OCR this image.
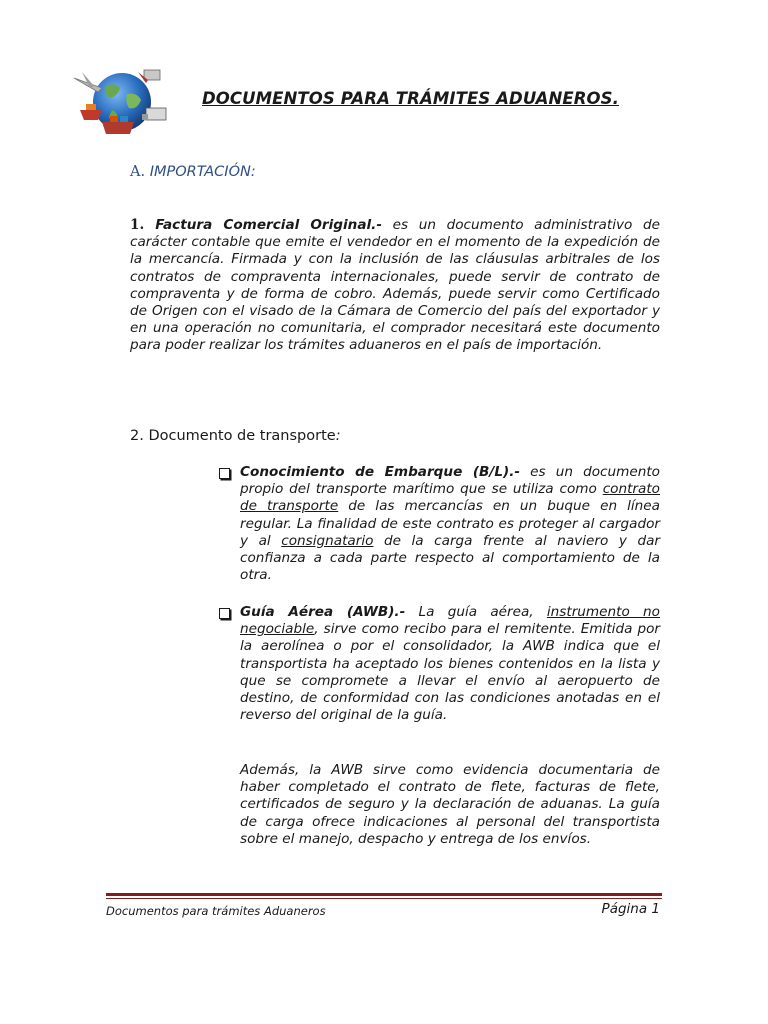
DOCUMENTOS PARA TRÁMITES ADUANEROS.

A. IMPORTACIÓN:

1. Factura Comercial Original.- es un documento administrativo de carácter contable que emite el vendedor en el momento de la expedición de la mercancía. Firmada y con la inclusión de las cláusulas arbitrales de los contratos de compraventa internacionales, puede servir de contrato de compraventa y de forma de cobro. Además, puede servir como Certificado de Origen con el visado de la Cámara de Comercio del país del exportador y en una operación no comunitaria, el comprador necesitará este documento para poder realizar los trámites aduaneros en el país de importación.

2. Documento de transporte:

Conocimiento de Embarque (B/L).- es un documento propio del transporte marítimo que se utiliza como contrato de transporte de las mercancías en un buque en línea regular. La finalidad de este contrato es proteger al cargador y al consignatario de la carga frente al naviero y dar confianza a cada parte respecto al comportamiento de la otra.

Guía Aérea (AWB).- La guía aérea, instrumento no negociable, sirve como recibo para el remitente. Emitida por la aerolínea o por el consolidador, la AWB indica que el transportista ha aceptado los bienes contenidos en la lista y que se compromete a llevar el envío al aeropuerto de destino, de conformidad con las condiciones anotadas en el reverso del original de la guía.

Además, la AWB sirve como evidencia documentaria de haber completado el contrato de flete, facturas de flete, certificados de seguro y la declaración de aduanas. La guía de carga ofrece indicaciones al personal del transportista sobre el manejo, despacho y entrega de los envíos.

Documentos para trámites Aduaneros	Página 1
